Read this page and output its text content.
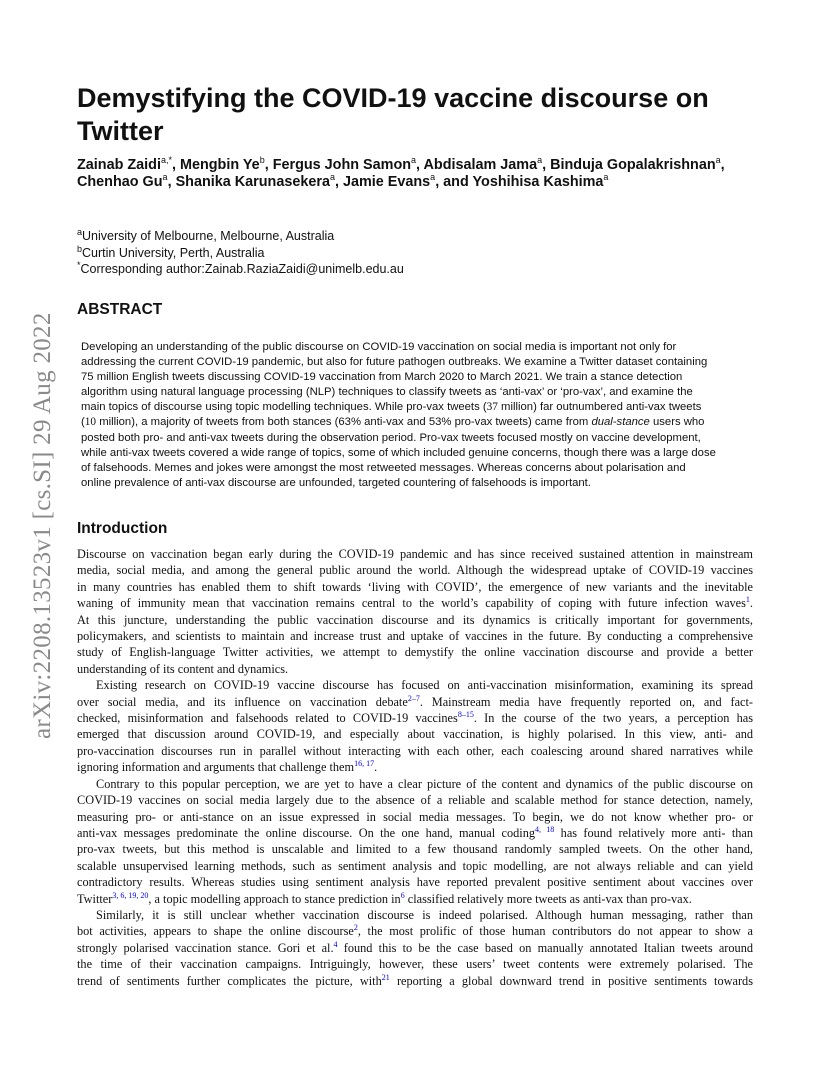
arXiv:2208.13523v1 [cs.SI] 29 Aug 2022
Demystifying the COVID-19 vaccine discourse on Twitter
Zainab Zaidi$^{a,*}$, Mengbin Ye$^b$, Fergus John Samon$^a$, Abdisalam Jama$^a$, Binduja Gopalakrishnan$^a$, Chenhao Gu$^a$, Shanika Karunasekera$^a$, Jamie Evans$^a$, and Yoshihisa Kashima$^a$
$^a$University of Melbourne, Melbourne, Australia
$^b$Curtin University, Perth, Australia
*Corresponding author:Zainab.RaziaZaidi@unimelb.edu.au
ABSTRACT
Developing an understanding of the public discourse on COVID-19 vaccination on social media is important not only for
addressing the current COVID-19 pandemic, but also for future pathogen outbreaks. We examine a Twitter dataset containing
75 million English tweets discussing COVID-19 vaccination from March 2020 to March 2021. We train a stance detection
algorithm using natural language processing (NLP) techniques to classify tweets as ‘anti-vax’ or ‘pro-vax’, and examine the
main topics of discourse using topic modelling techniques. While pro-vax tweets (37 million) far outnumbered anti-vax tweets
(10 million), a majority of tweets from both stances (63% anti-vax and 53% pro-vax tweets) came from dual-stance users who
posted both pro- and anti-vax tweets during the observation period. Pro-vax tweets focused mostly on vaccine development,
while anti-vax tweets covered a wide range of topics, some of which included genuine concerns, though there was a large dose
of falsehoods. Memes and jokes were amongst the most retweeted messages. Whereas concerns about polarisation and
online prevalence of anti-vax discourse are unfounded, targeted countering of falsehoods is important.
Introduction
Discourse on vaccination began early during the COVID-19 pandemic and has since received sustained attention in mainstream
media, social media, and among the general public around the world. Although the widespread uptake of COVID-19 vaccines
in many countries has enabled them to shift towards ‘living with COVID’, the emergence of new variants and the inevitable
waning of immunity mean that vaccination remains central to the world’s capability of coping with future infection waves$^1$.
At this juncture, understanding the public vaccination discourse and its dynamics is critically important for governments,
policymakers, and scientists to maintain and increase trust and uptake of vaccines in the future. By conducting a comprehensive
study of English-language Twitter activities, we attempt to demystify the online vaccination discourse and provide a better
understanding of its content and dynamics.
Existing research on COVID-19 vaccine discourse has focused on anti-vaccination misinformation, examining its spread
over social media, and its influence on vaccination debate$^{2-7}$. Mainstream media have frequently reported on, and fact-
checked, misinformation and falsehoods related to COVID-19 vaccines$^{8-15}$. In the course of the two years, a perception has
emerged that discussion around COVID-19, and especially about vaccination, is highly polarised. In this view, anti- and
pro-vaccination discourses run in parallel without interacting with each other, each coalescing around shared narratives while
ignoring information and arguments that challenge them$^{16, 17}$.
Contrary to this popular perception, we are yet to have a clear picture of the content and dynamics of the public discourse on
COVID-19 vaccines on social media largely due to the absence of a reliable and scalable method for stance detection, namely,
measuring pro- or anti-stance on an issue expressed in social media messages. To begin, we do not know whether pro- or
anti-vax messages predominate the online discourse. On the one hand, manual coding$^{4, 18}$ has found relatively more anti- than
pro-vax tweets, but this method is unscalable and limited to a few thousand randomly sampled tweets. On the other hand,
scalable unsupervised learning methods, such as sentiment analysis and topic modelling, are not always reliable and can yield
contradictory results. Whereas studies using sentiment analysis have reported prevalent positive sentiment about vaccines over
Twitter$^{3, 6, 19, 20}$, a topic modelling approach to stance prediction in$^6$ classified relatively more tweets as anti-vax than pro-vax.
Similarly, it is still unclear whether vaccination discourse is indeed polarised. Although human messaging, rather than
bot activities, appears to shape the online discourse$^2$, the most prolific of those human contributors do not appear to show a
strongly polarised vaccination stance. Gori et al.$^4$ found this to be the case based on manually annotated Italian tweets around
the time of their vaccination campaigns. Intriguingly, however, these users’ tweet contents were extremely polarised. The
trend of sentiments further complicates the picture, with$^{21}$ reporting a global downward trend in positive sentiments towards
